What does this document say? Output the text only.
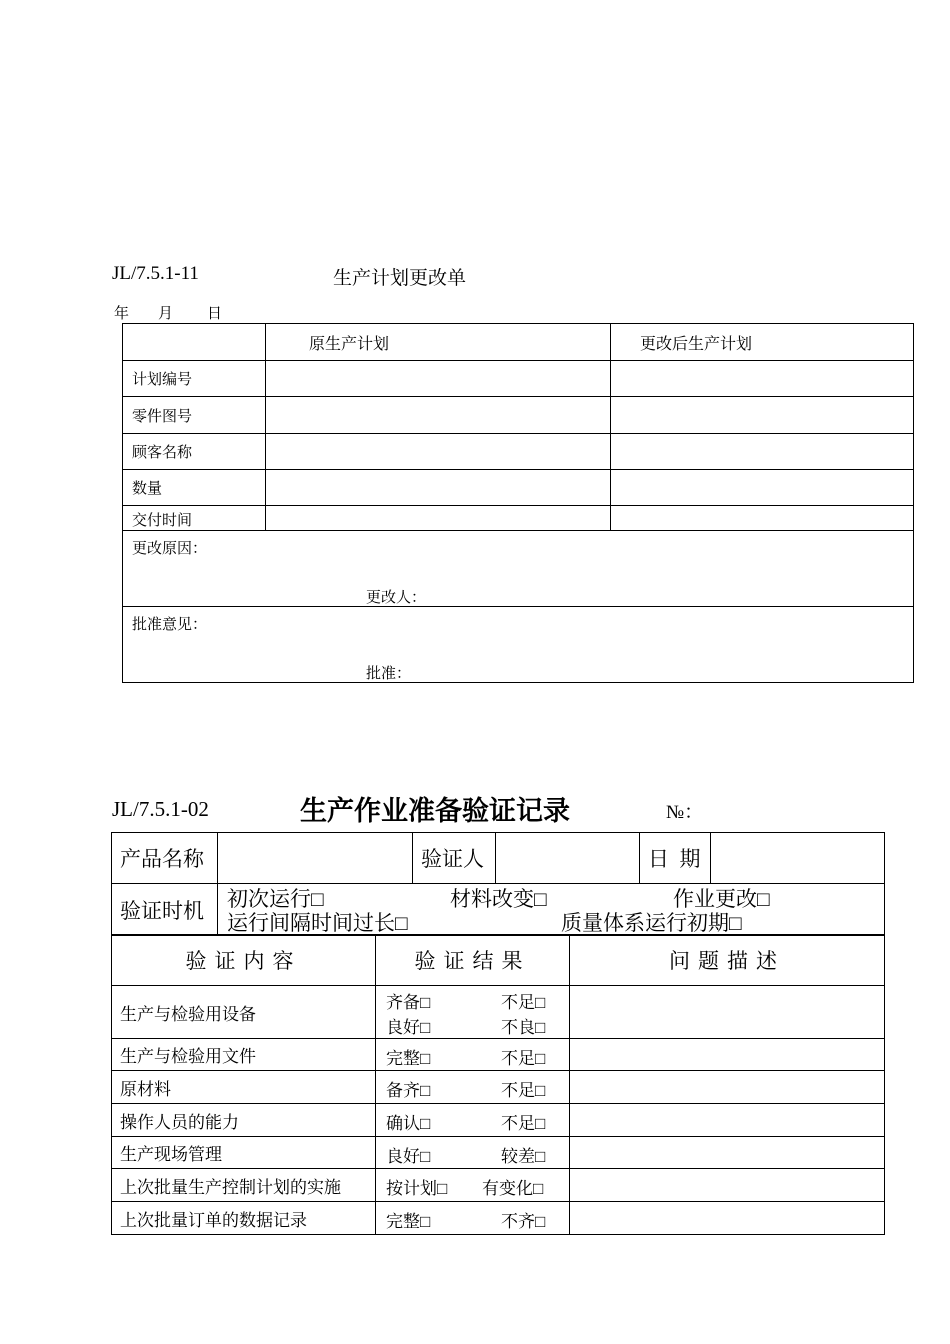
JL/7.5.1-11	生产计划更改单
年 月 日
	原生产计划	更改后生产计划
计划编号		
零件图号		
顾客名称		
数量		
交付时间		

更改原因：
更改人：		

批准意见：
批准：		
JL/7.5.1-02	生产作业准备验证记录	№：
产品名称		验证人		日  期	
验证时机	初次运行□	材料改变□	作业更改□
运行间隔时间过长□	质量体系运行初期□
验证内容	验证结果	问题描述
生产与检验用设备	齐备□ 不足□
良好□ 不良□	

生产与检验用文件	完整□ 不足□	

原材料	备齐□ 不足□	

操作人员的能力	确认□ 不足□	

生产现场管理	良好□ 较差□	

上次批量生产控制计划的实施	按计划□ 有变化□	

上次批量订单的数据记录	完整□ 不齐□	
